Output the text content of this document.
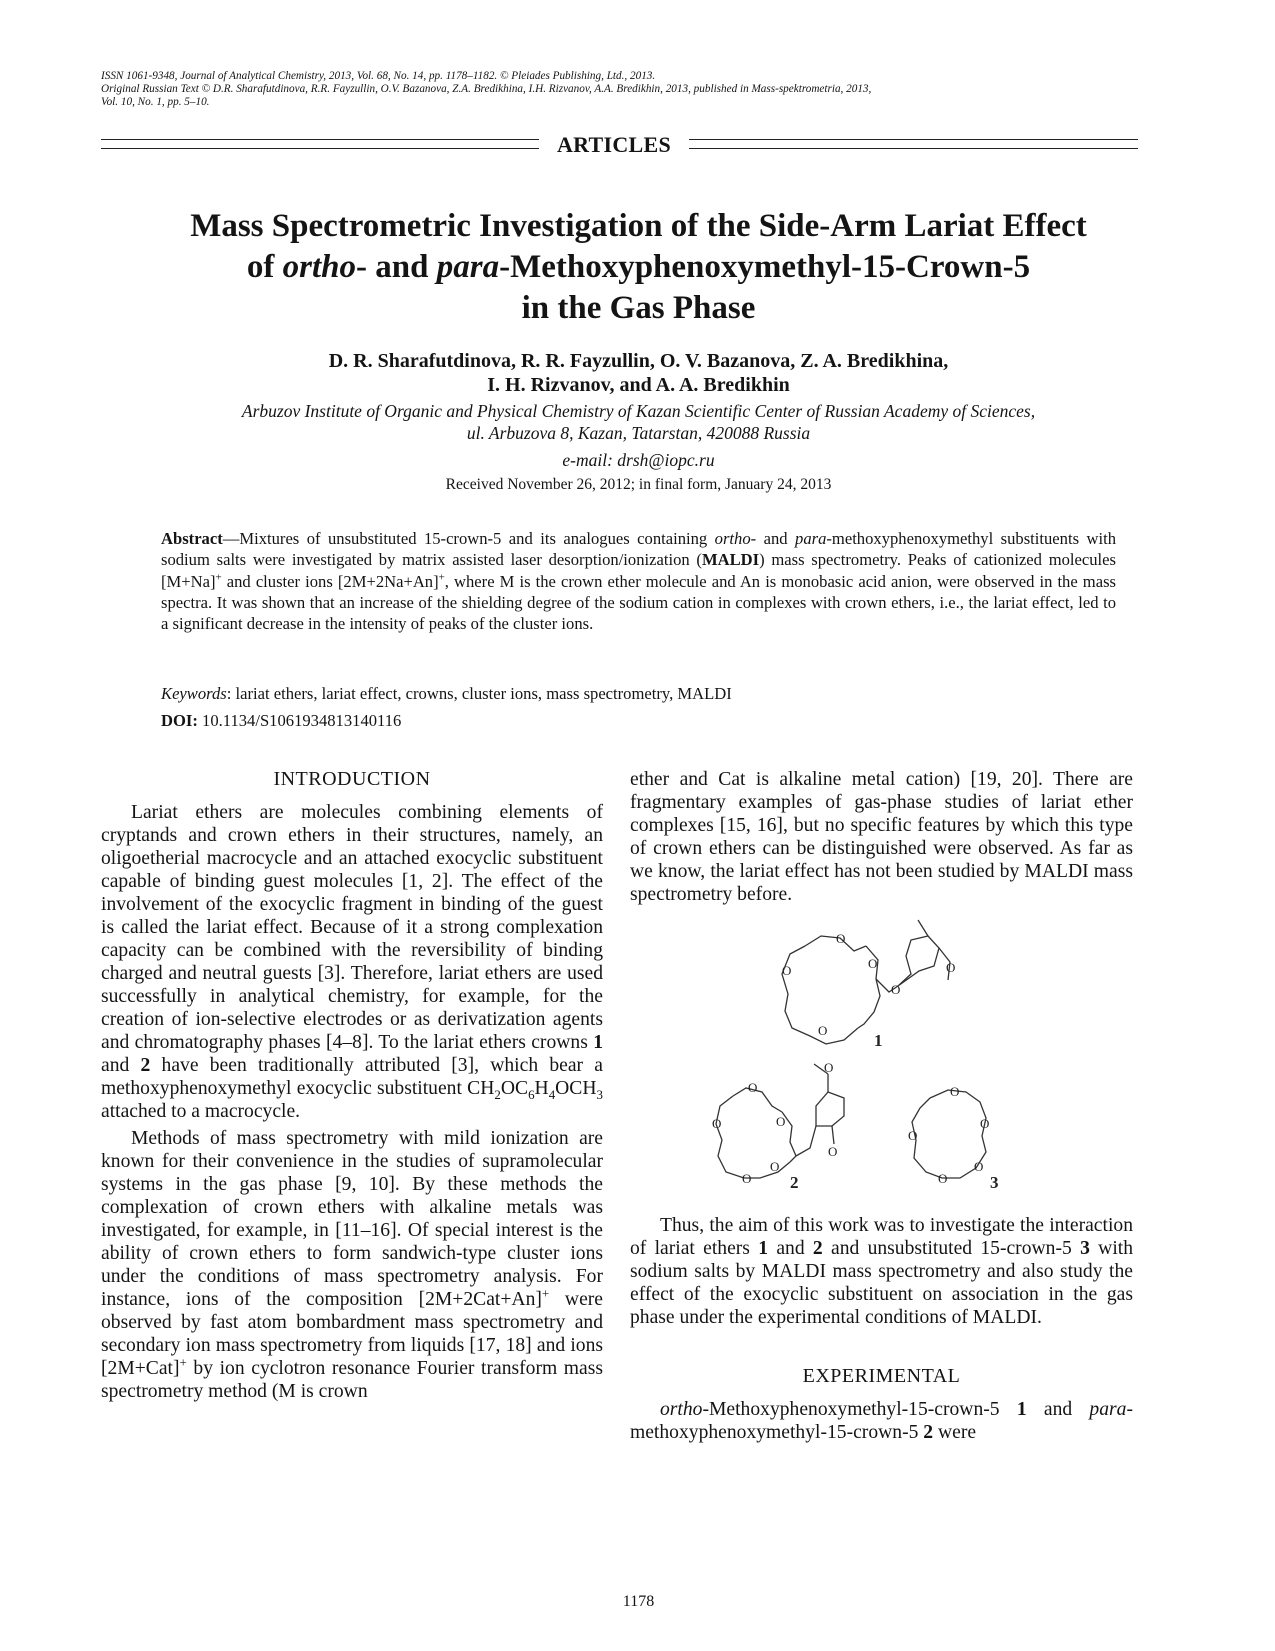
ISSN 1061-9348, Journal of Analytical Chemistry, 2013, Vol. 68, No. 14, pp. 1178–1182. © Pleiades Publishing, Ltd., 2013.
Original Russian Text © D.R. Sharafutdinova, R.R. Fayzullin, O.V. Bazanova, Z.A. Bredikhina, I.H. Rizvanov, A.A. Bredikhin, 2013, published in Mass-spektrometria, 2013,
Vol. 10, No. 1, pp. 5–10.
ARTICLES
Mass Spectrometric Investigation of the Side-Arm Lariat Effect
of ortho- and para-Methoxyphenoxymethyl-15-Crown-5
in the Gas Phase
D. R. Sharafutdinova, R. R. Fayzullin, O. V. Bazanova, Z. A. Bredikhina,
I. H. Rizvanov, and A. A. Bredikhin
Arbuzov Institute of Organic and Physical Chemistry of Kazan Scientific Center of Russian Academy of Sciences,
ul. Arbuzova 8, Kazan, Tatarstan, 420088 Russia
e-mail: drsh@iopc.ru
Received November 26, 2012; in final form, January 24, 2013
Abstract—Mixtures of unsubstituted 15-crown-5 and its analogues containing ortho- and para-methoxyphenoxymethyl substituents with sodium salts were investigated by matrix assisted laser desorption/ionization (MALDI) mass spectrometry. Peaks of cationized molecules [M+Na]+ and cluster ions [2M+2Na+An]+, where M is the crown ether molecule and An is monobasic acid anion, were observed in the mass spectra. It was shown that an increase of the shielding degree of the sodium cation in complexes with crown ethers, i.e., the lariat effect, led to a significant decrease in the intensity of peaks of the cluster ions.
Keywords: lariat ethers, lariat effect, crowns, cluster ions, mass spectrometry, MALDI
DOI: 10.1134/S1061934813140116
INTRODUCTION

Lariat ethers are molecules combining elements of cryptands and crown ethers in their structures, namely, an oligoetherial macrocycle and an attached exocyclic substituent capable of binding guest molecules [1, 2]. The effect of the involvement of the exocyclic fragment in binding of the guest is called the lariat effect. Because of it a strong complexation capacity can be combined with the reversibility of binding charged and neutral guests [3]. Therefore, lariat ethers are used successfully in analytical chemistry, for example, for the creation of ion-selective electrodes or as derivatization agents and chromatography phases [4–8]. To the lariat ethers crowns 1 and 2 have been traditionally attributed [3], which bear a methoxyphenoxymethyl exocyclic substituent $CH_2OC_6H_4OCH_3$ attached to a macrocycle.

Methods of mass spectrometry with mild ionization are known for their convenience in the studies of supramolecular systems in the gas phase [9, 10]. By these methods the complexation of crown ethers with alkaline metals was investigated, for example, in [11–16]. Of special interest is the ability of crown ethers to form sandwich-type cluster ions under the conditions of mass spectrometry analysis. For instance, ions of the composition [2M+2Cat+An]+ were observed by fast atom bombardment mass spectrometry and secondary ion mass spectrometry from liquids [17, 18] and ions [2M+Cat]+ by ion cyclotron resonance Fourier transform mass spectrometry method (M is crown

ether and Cat is alkaline metal cation) [19, 20]. There are fragmentary examples of gas-phase studies of lariat ether complexes [15, 16], but no specific features by which this type of crown ethers can be distinguished were observed. As far as we know, the lariat effect has not been studied by MALDI mass spectrometry before.

O
O
O
O
O
O
1
O
O
O
O
O
O
O
2
O
O
O
O
O
3

Thus, the aim of this work was to investigate the interaction of lariat ethers 1 and 2 and unsubstituted 15-crown-5 3 with sodium salts by MALDI mass spectrometry and also study the effect of the exocyclic substituent on association in the gas phase under the experimental conditions of MALDI.

EXPERIMENTAL

ortho-Methoxyphenoxymethyl-15-crown-5 1 and para-methoxyphenoxymethyl-15-crown-5 2 were

1178
